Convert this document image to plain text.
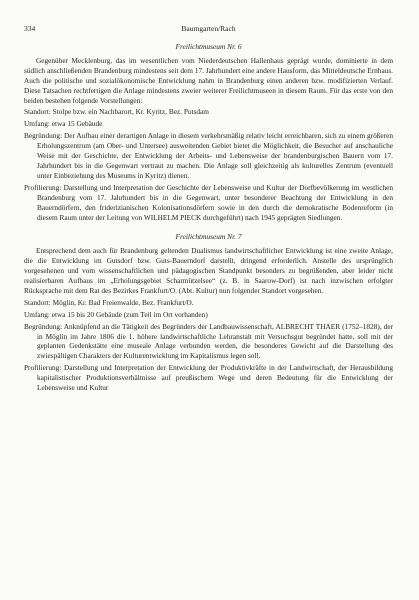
334	Baumgarten/Rach
Freilichtmuseum Nr. 6

Gegenüber Mecklenburg, das im wesentlichen vom Niederdeutschen Hallenhaus geprägt wurde, dominierte in dem südlich anschließenden Brandenburg mindestens seit dem 17. Jahrhundert eine andere Hausform, das Mitteldeutsche Ernhaus. Auch die politische und sozialökonomische Entwicklung nahm in Brandenburg einen anderen bzw. modifizierten Verlauf. Diese Tatsachen rechtfertigen die Anlage mindestens zweier weiterer Freilichtmuseen in diesem Raum. Für das erste von den beiden bestehen folgende Vorstellungen:

Standort: Stolpe bzw. ein Nachbarort, Kr. Kyritz, Bez. Potsdam

Umfang: etwa 15 Gebäude

Begründung: Der Aufbau einer derartigen Anlage in diesem verkehrsmäßig relativ leicht erreichbaren, sich zu einem größeren Erholungszentrum (am Ober- und Untersee) ausweitenden Gebiet bietet die Möglichkeit, die Besucher auf anschauliche Weise mit der Geschichte, der Entwicklung der Arbeits- und Lebensweise der brandenburgischen Bauern vom 17. Jahrhundert bis in die Gegenwart vertraut zu machen. Die Anlage soll gleichzeitig als kulturelles Zentrum (eventuell unter Einbeziehung des Museums in Kyritz) dienen.

Profilierung: Darstellung und Interpretation der Geschichte der Lebensweise und Kultur der Dorfbevölkerung im westlichen Brandenburg vom 17. Jahrhundert bis in die Gegenwart, unter besonderer Beachtung der Entwicklung in den Bauerndörfern, den friderizianischen Kolonisationsdörfern sowie in den durch die demokratische Bodenreform (in diesem Raum unter der Leitung von WILHELM PIECK durchgeführt) nach 1945 geprägten Siedlungen.

Freilichtmuseum Nr. 7

Entsprechend dem auch für Brandenburg geltenden Dualismus landwirtschaftlicher Entwicklung ist eine zweite Anlage, die die Entwicklung im Gutsdorf bzw. Guts-Bauerndorf darstellt, dringend erforderlich. Anstelle des ursprünglich vorgesehenen und vom wissenschaftlichen und pädagogischen Standpunkt besonders zu begrüßenden, aber leider nicht realisierbaren Aufbaus im „Erholungsgebiet Scharmützelsee“ (z. B. in Saarow-Dorf) ist nach inzwischen erfolgter Rücksprache mit dem Rat des Bezirkes Frankfurt/O. (Abt. Kultur) nun folgender Standort vorgesehen.

Standort: Möglin, Kr. Bad Freienwalde, Bez. Frankfurt/O.

Umfang: etwa 15 bis 20 Gebäude (zum Teil im Ort vorhanden)

Begründung: Anknüpfend an die Tätigkeit des Begründers der Landbauwissenschaft, ALBRECHT THAER (1752–1828), der in Möglin im Jahre 1806 die 1. höhere landwirtschaftliche Lehranstalt mit Versuchsgut begründet hatte, soll mit der geplanten Gedenkstätte eine museale Anlage verbunden werden, die besonderes Gewicht auf die Darstellung des zwiespältigen Charakters der Kulturentwicklung im Kapitalismus legen soll.

Profilierung: Darstellung und Interpretation der Entwicklung der Produktivkräfte in der Landwirtschaft, der Herausbildung kapitalistischer Produktionsverhältnisse auf preußischem Wege und deren Bedeutung für die Entwicklung der Lebensweise und Kultur
